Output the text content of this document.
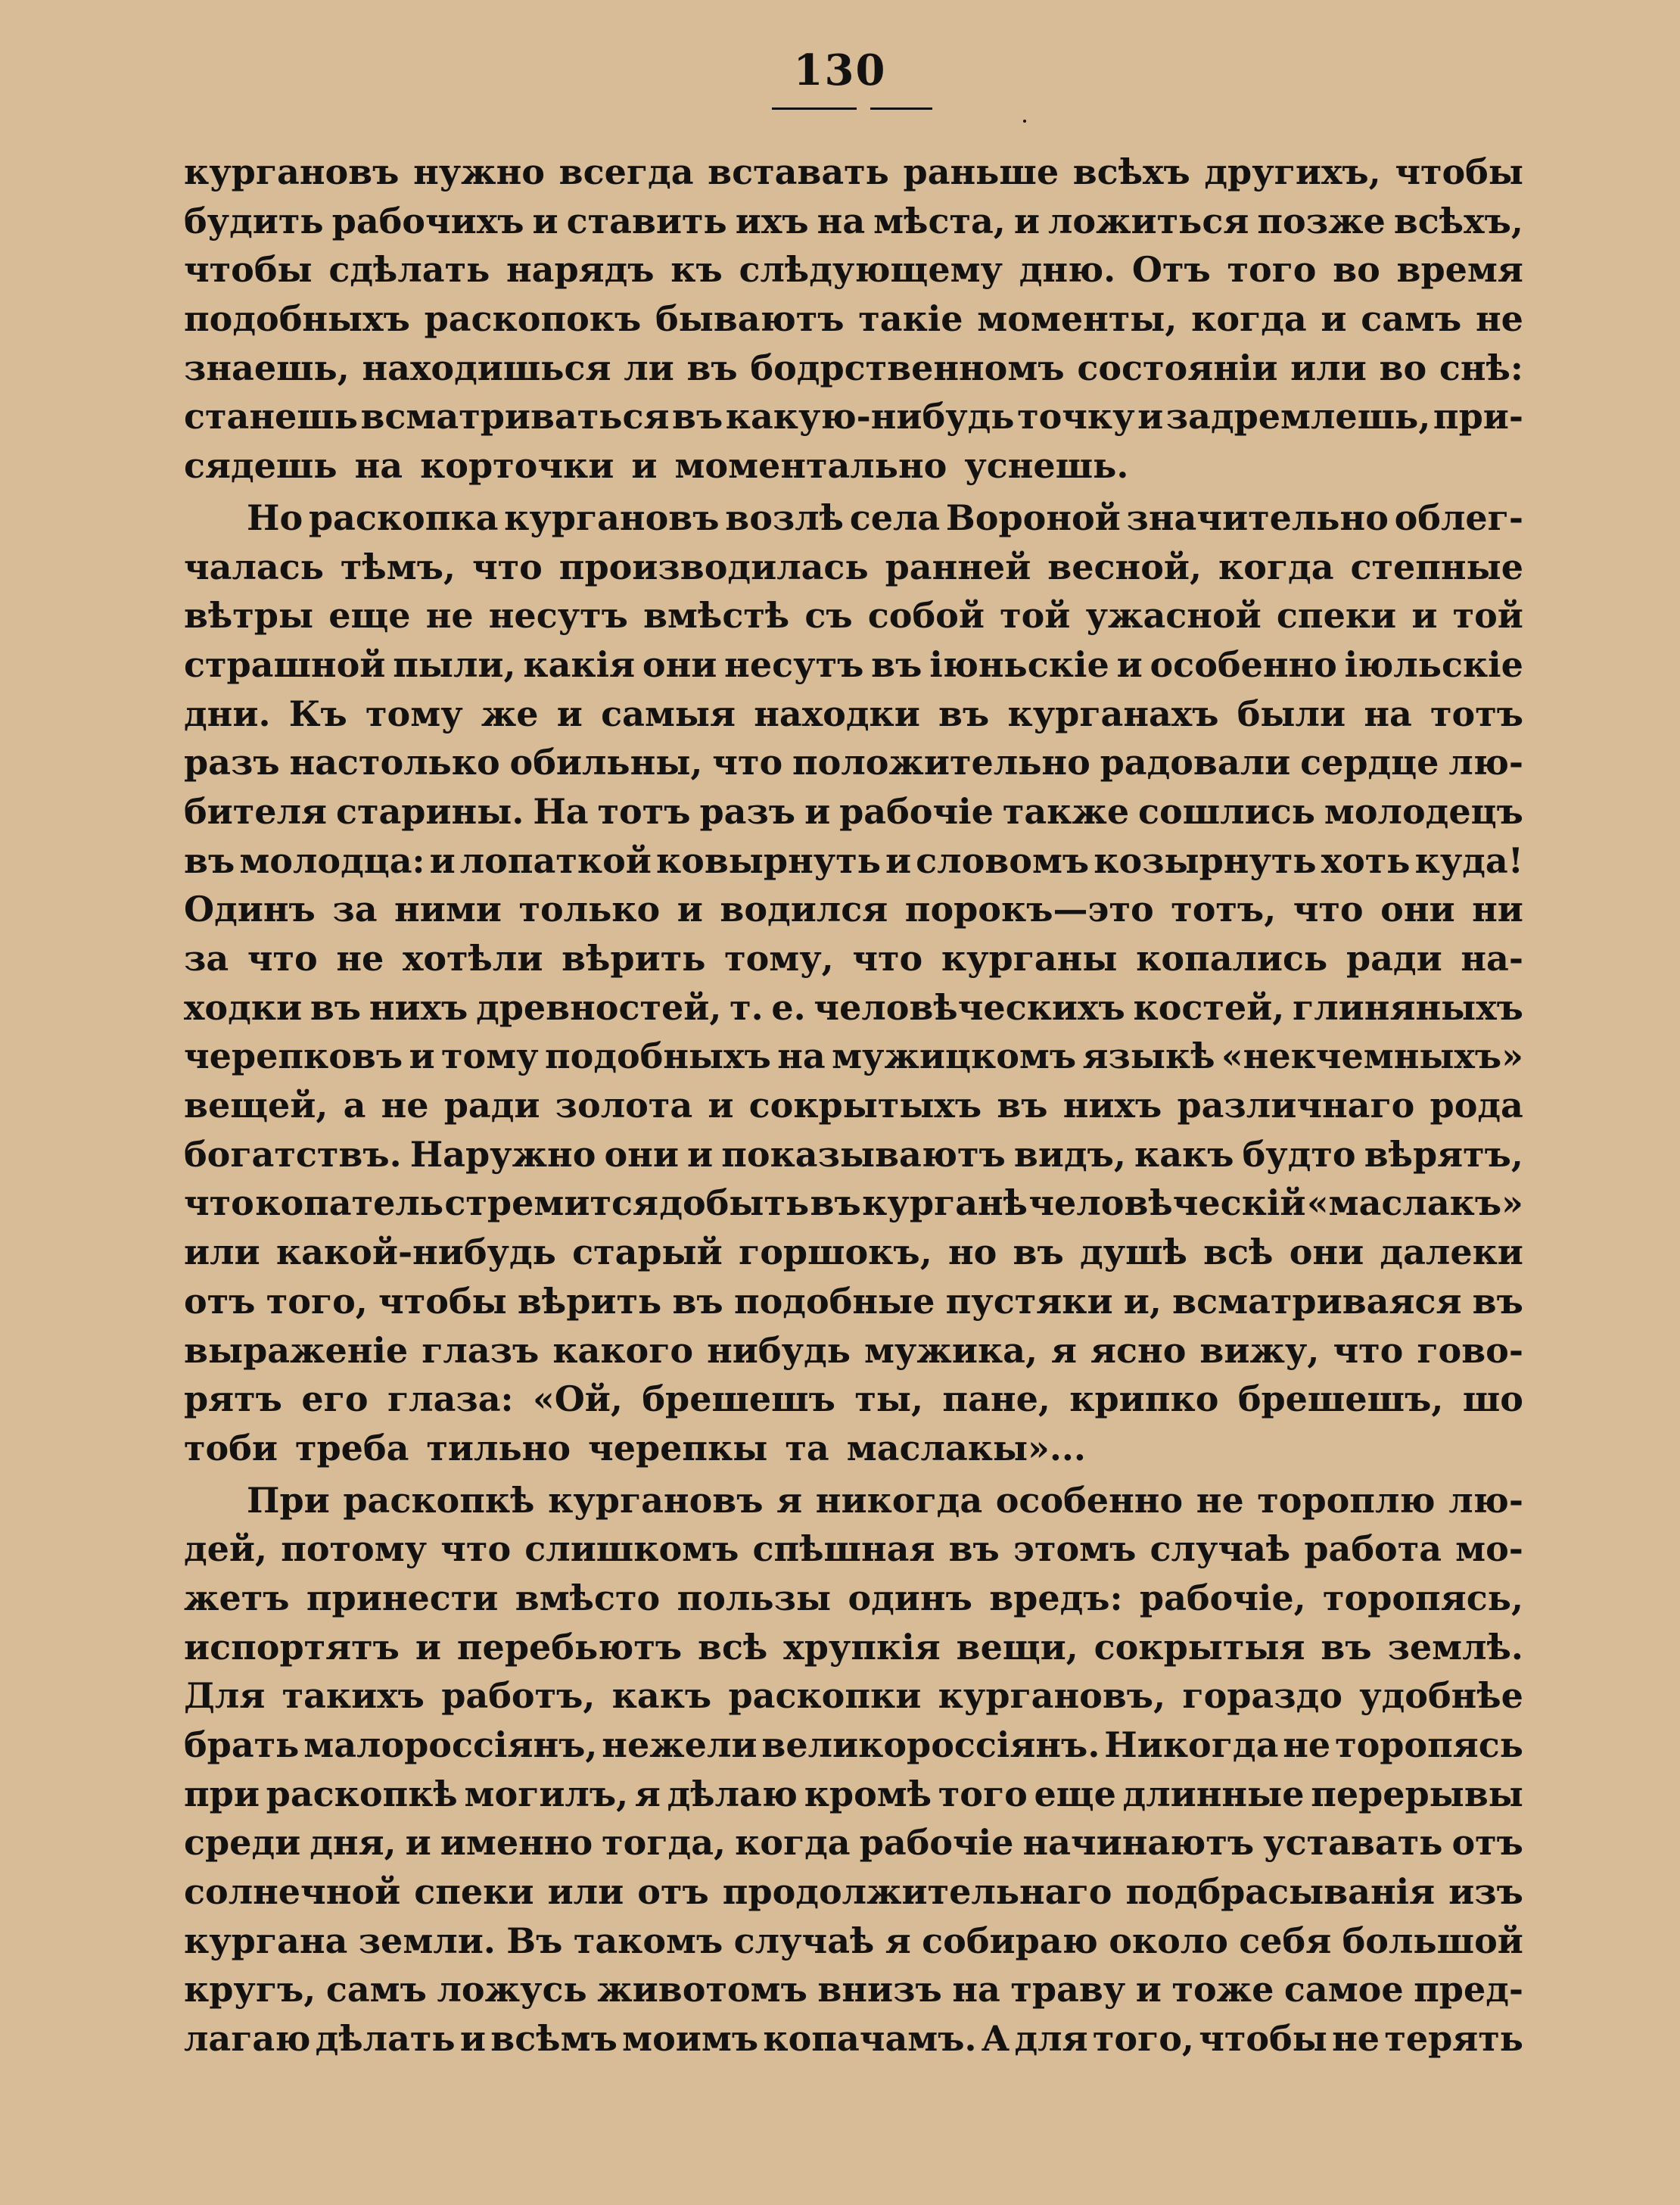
130
кургановъ нужно всегда вставать раньше всѣхъ другихъ, чтобы
будить рабочихъ и ставить ихъ на мѣста, и ложиться позже всѣхъ,
чтобы сдѣлать нарядъ къ слѣдующему дню. Отъ того во время
подобныхъ раскопокъ бываютъ такіе моменты, когда и самъ не
знаешь, находишься ли въ бодрственномъ состоянiи или во снѣ:
станешь всматриваться въ какую-нибудь точку и задремлешь, при-
сядешь на корточки и моментально уснешь.
Но раскопка кургановъ возлѣ села Вороной значительно облег-
чалась тѣмъ, что производилась ранней весной, когда степные
вѣтры еще не несутъ вмѣстѣ съ собой той ужасной спеки и той
страшной пыли, какія они несутъ въ iюньскiе и особенно iюльскiе
дни. Къ тому же и самыя находки въ курганахъ были на тотъ
разъ настолько обильны, что положительно радовали сердце лю-
бителя старины. На тотъ разъ и рабочiе также сошлись молодецъ
въ молодца: и лопаткой ковырнуть и словомъ козырнуть хоть куда!
Одинъ за ними только и водился порокъ—это тотъ, что они ни
за что не хотѣли вѣрить тому, что курганы копались ради на-
ходки въ нихъ древностей, т. е. человѣческихъ костей, глиняныхъ
черепковъ и тому подобныхъ на мужицкомъ языкѣ «некчемныхъ»
вещей, а не ради золота и сокрытыхъ въ нихъ различнаго рода
богатствъ. Наружно они и показываютъ видъ, какъ будто вѣрятъ,
что копатель стремится добыть въ курганѣ человѣческiй «маслакъ»
или какой-нибудь старый горшокъ, но въ душѣ всѣ они далеки
отъ того, чтобы вѣрить въ подобные пустяки и, всматриваяся въ
выраженiе глазъ какого нибудь мужика, я ясно вижу, что гово-
рятъ его глаза: «Ой, брешешъ ты, пане, крипко брешешъ, шо
тоби треба тильно черепкы та маслакы»...
При раскопкѣ кургановъ я никогда особенно не тороплю лю-
дей, потому что слишкомъ спѣшная въ этомъ случаѣ работа мо-
жетъ принести вмѣсто пользы одинъ вредъ: рабочiе, торопясь,
испортятъ и перебьютъ всѣ хрупкiя вещи, сокрытыя въ землѣ.
Для такихъ работъ, какъ раскопки кургановъ, гораздо удобнѣе
брать малороссiянъ, нежели великороссiянъ. Никогда не торопясь
при раскопкѣ могилъ, я дѣлаю кромѣ того еще длинные перерывы
среди дня, и именно тогда, когда рабочiе начинаютъ уставать отъ
солнечной спеки или отъ продолжительнаго подбрасыванiя изъ
кургана земли. Въ такомъ случаѣ я собираю около себя большой
кругъ, самъ ложусь животомъ внизъ на траву и тоже самое пред-
лагаю дѣлать и всѣмъ моимъ копачамъ. А для того, чтобы не терять
